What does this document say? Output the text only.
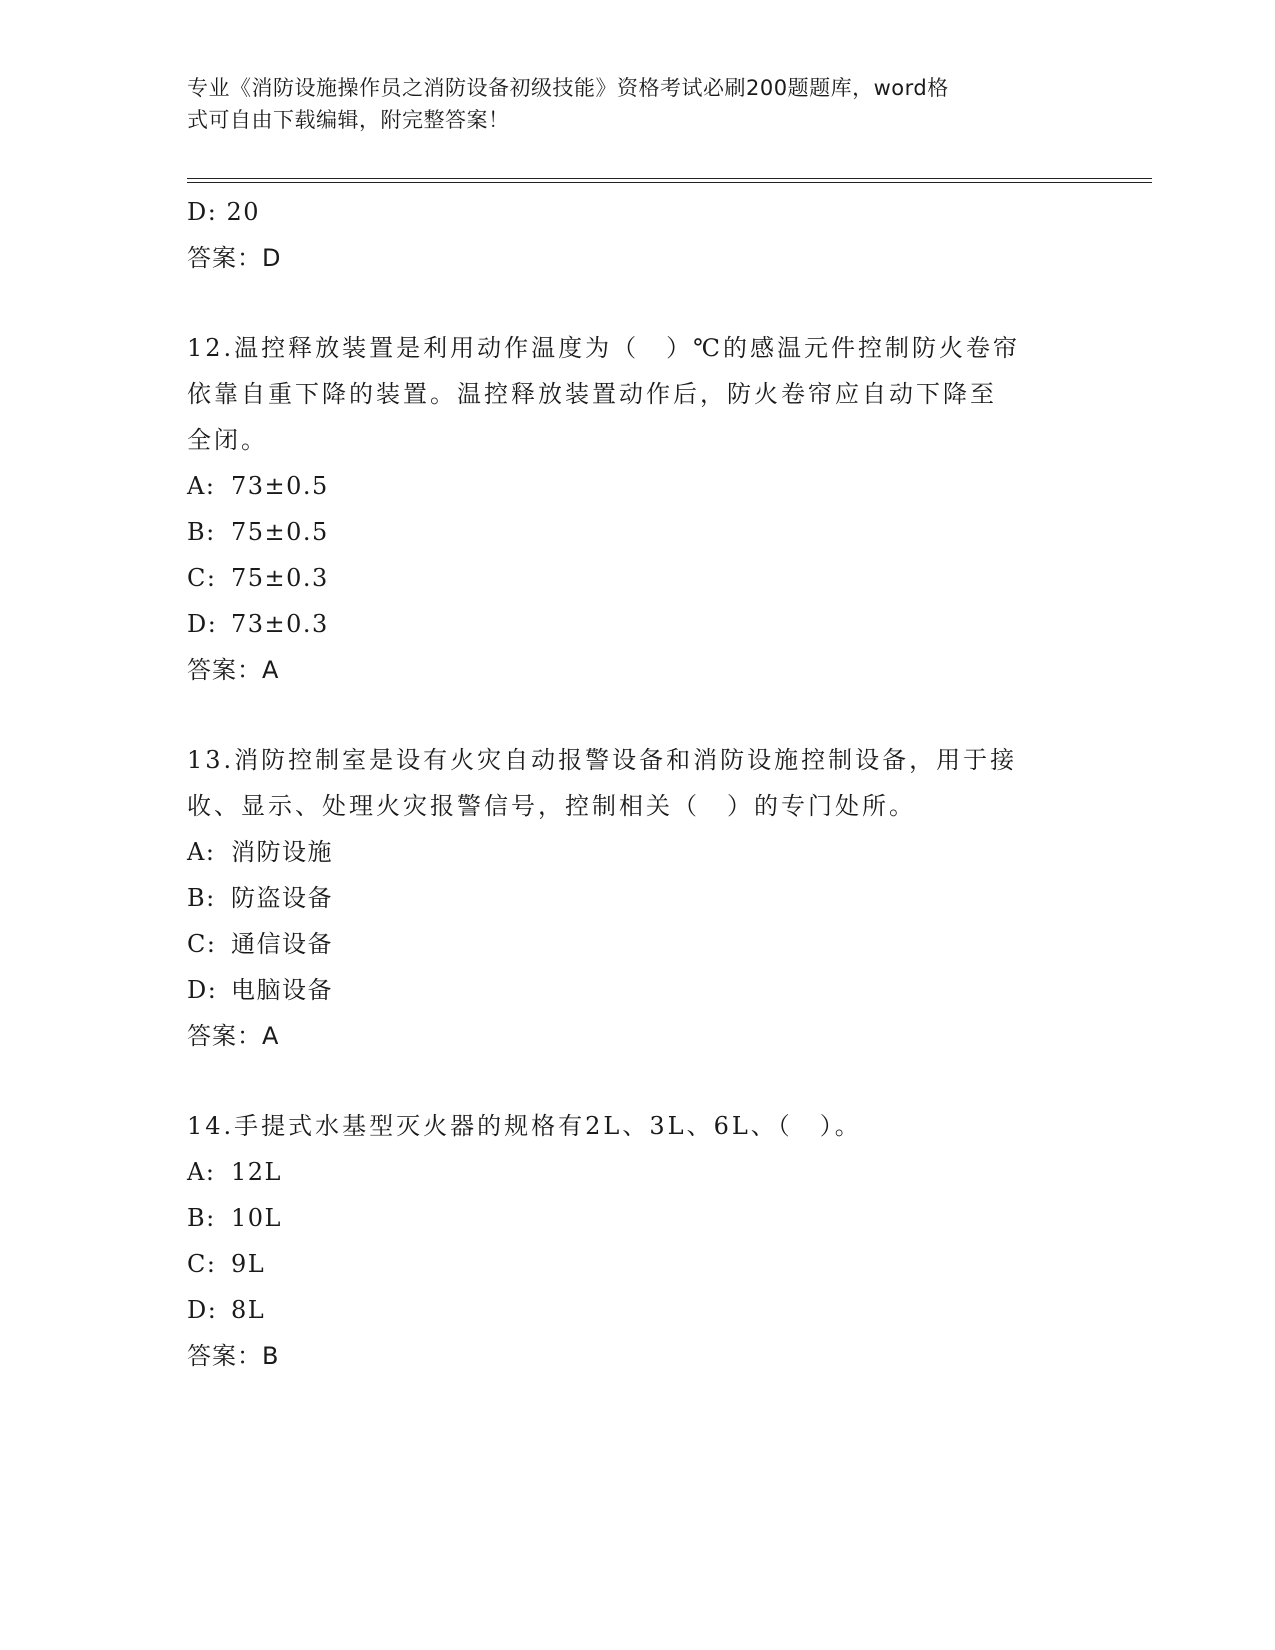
专业《消防设施操作员之消防设备初级技能》资格考试必刷200题题库，word格
式可自由下载编辑，附完整答案！
D: 20
答案：D
12.温控释放装置是利用动作温度为（　）℃的感温元件控制防火卷帘
依靠自重下降的装置。温控释放装置动作后，防火卷帘应自动下降至
全闭。
A: 73±0.5
B: 75±0.5
C: 75±0.3
D: 73±0.3
答案：A
13.消防控制室是设有火灾自动报警设备和消防设施控制设备，用于接
收、显示、处理火灾报警信号，控制相关（　）的专门处所。
A: 消防设施
B: 防盗设备
C: 通信设备
D: 电脑设备
答案：A
14.手提式水基型灭火器的规格有2L、3L、6L、（　）。
A: 12L
B: 10L
C: 9L
D: 8L
答案：B
